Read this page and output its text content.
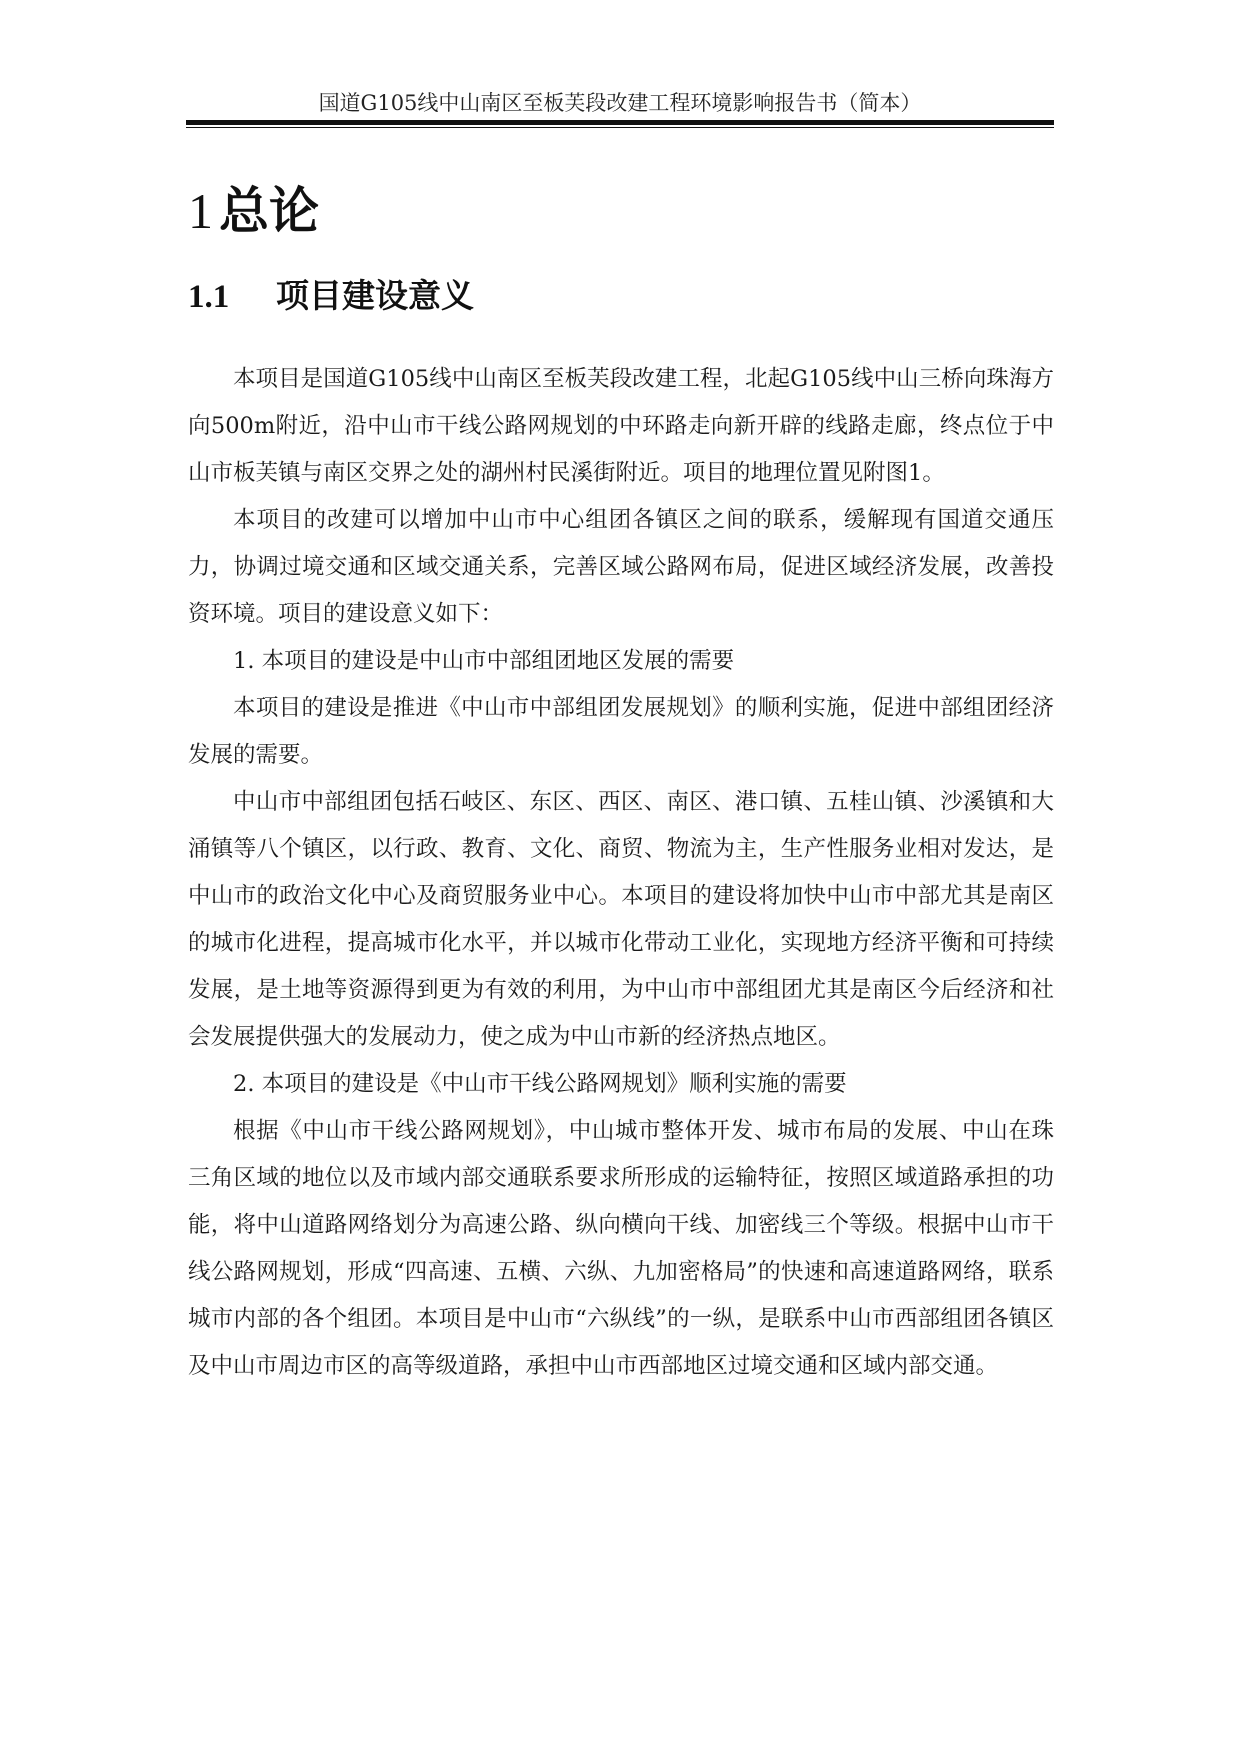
国道G105线中山南区至板芙段改建工程环境影响报告书（简本）
1 总论
1.1 项目建设意义

本项目是国道G105线中山南区至板芙段改建工程，北起G105线中山三桥向珠海方向500m附近，沿中山市干线公路网规划的中环路走向新开辟的线路走廊，终点位于中山市板芙镇与南区交界之处的湖州村民溪街附近。项目的地理位置见附图1。

本项目的改建可以增加中山市中心组团各镇区之间的联系，缓解现有国道交通压力，协调过境交通和区域交通关系，完善区域公路网布局，促进区域经济发展，改善投资环境。项目的建设意义如下：

1. 本项目的建设是中山市中部组团地区发展的需要

本项目的建设是推进《中山市中部组团发展规划》的顺利实施，促进中部组团经济发展的需要。

中山市中部组团包括石岐区、东区、西区、南区、港口镇、五桂山镇、沙溪镇和大涌镇等八个镇区，以行政、教育、文化、商贸、物流为主，生产性服务业相对发达，是中山市的政治文化中心及商贸服务业中心。本项目的建设将加快中山市中部尤其是南区的城市化进程，提高城市化水平，并以城市化带动工业化，实现地方经济平衡和可持续发展，是土地等资源得到更为有效的利用，为中山市中部组团尤其是南区今后经济和社会发展提供强大的发展动力，使之成为中山市新的经济热点地区。

2. 本项目的建设是《中山市干线公路网规划》顺利实施的需要

根据《中山市干线公路网规划》，中山城市整体开发、城市布局的发展、中山在珠三角区域的地位以及市域内部交通联系要求所形成的运输特征，按照区域道路承担的功能，将中山道路网络划分为高速公路、纵向横向干线、加密线三个等级。根据中山市干线公路网规划，形成“四高速、五横、六纵、九加密格局”的快速和高速道路网络，联系城市内部的各个组团。本项目是中山市“六纵线”的一纵，是联系中山市西部组团各镇区及中山市周边市区的高等级道路，承担中山市西部地区过境交通和区域内部交通。
